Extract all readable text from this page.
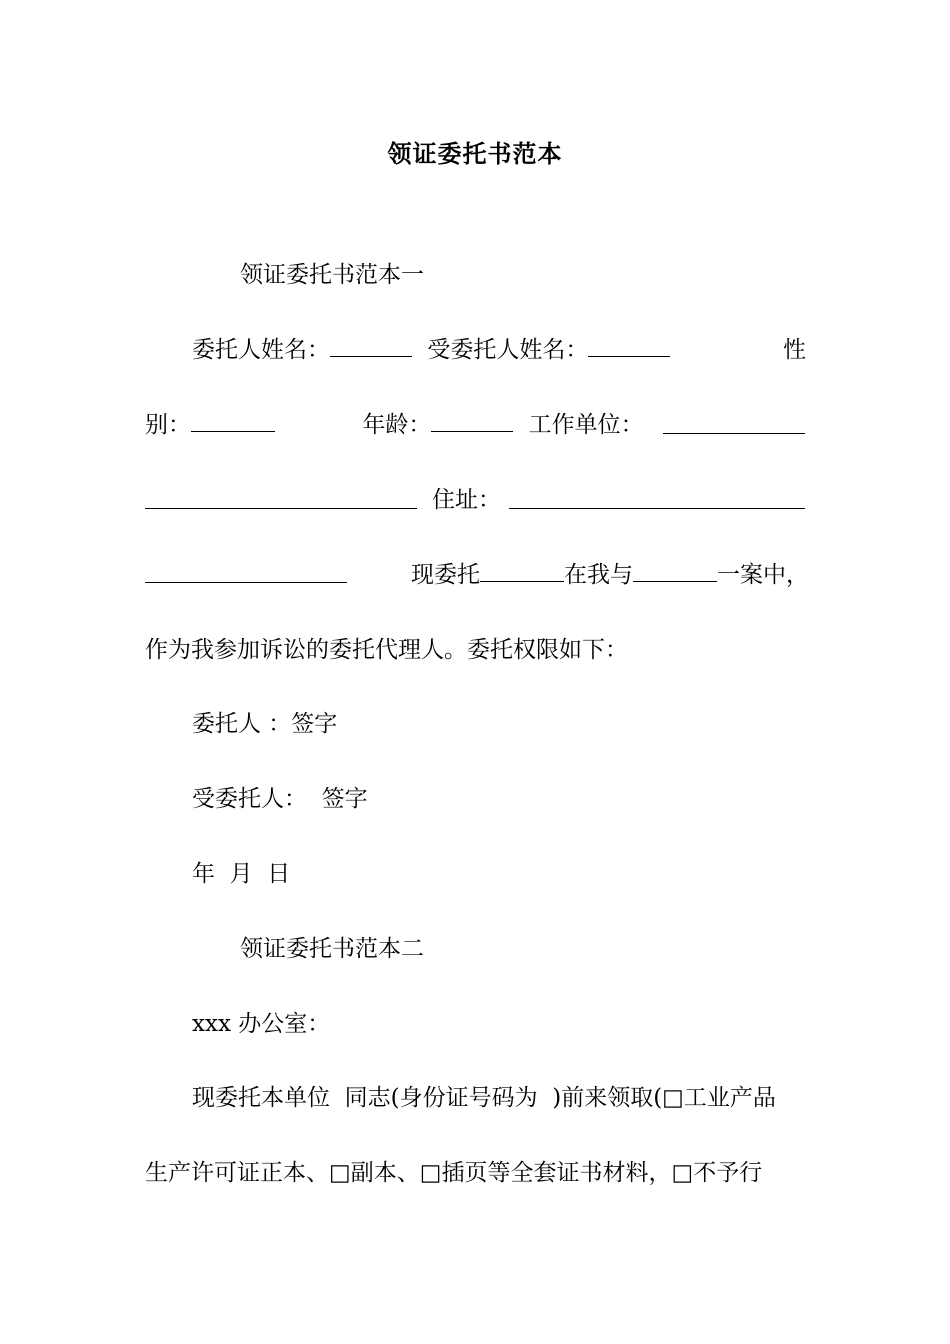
领证委托书范本
领证委托书范本一
委托人姓名：	受委托人姓名：	性
别：	年龄：	工作单位：
住址：
现委托	在我与	一案中，
作为我参加诉讼的委托代理人。委托权限如下：
委托人 ：签字
受委托人：  签字
年  月  日
领证委托书范本二
xxx 办公室：
现委托本单位  同志(身份证号码为  )前来领取(□工业产品
生产许可证正本、□副本、□插页等全套证书材料，□不予行
